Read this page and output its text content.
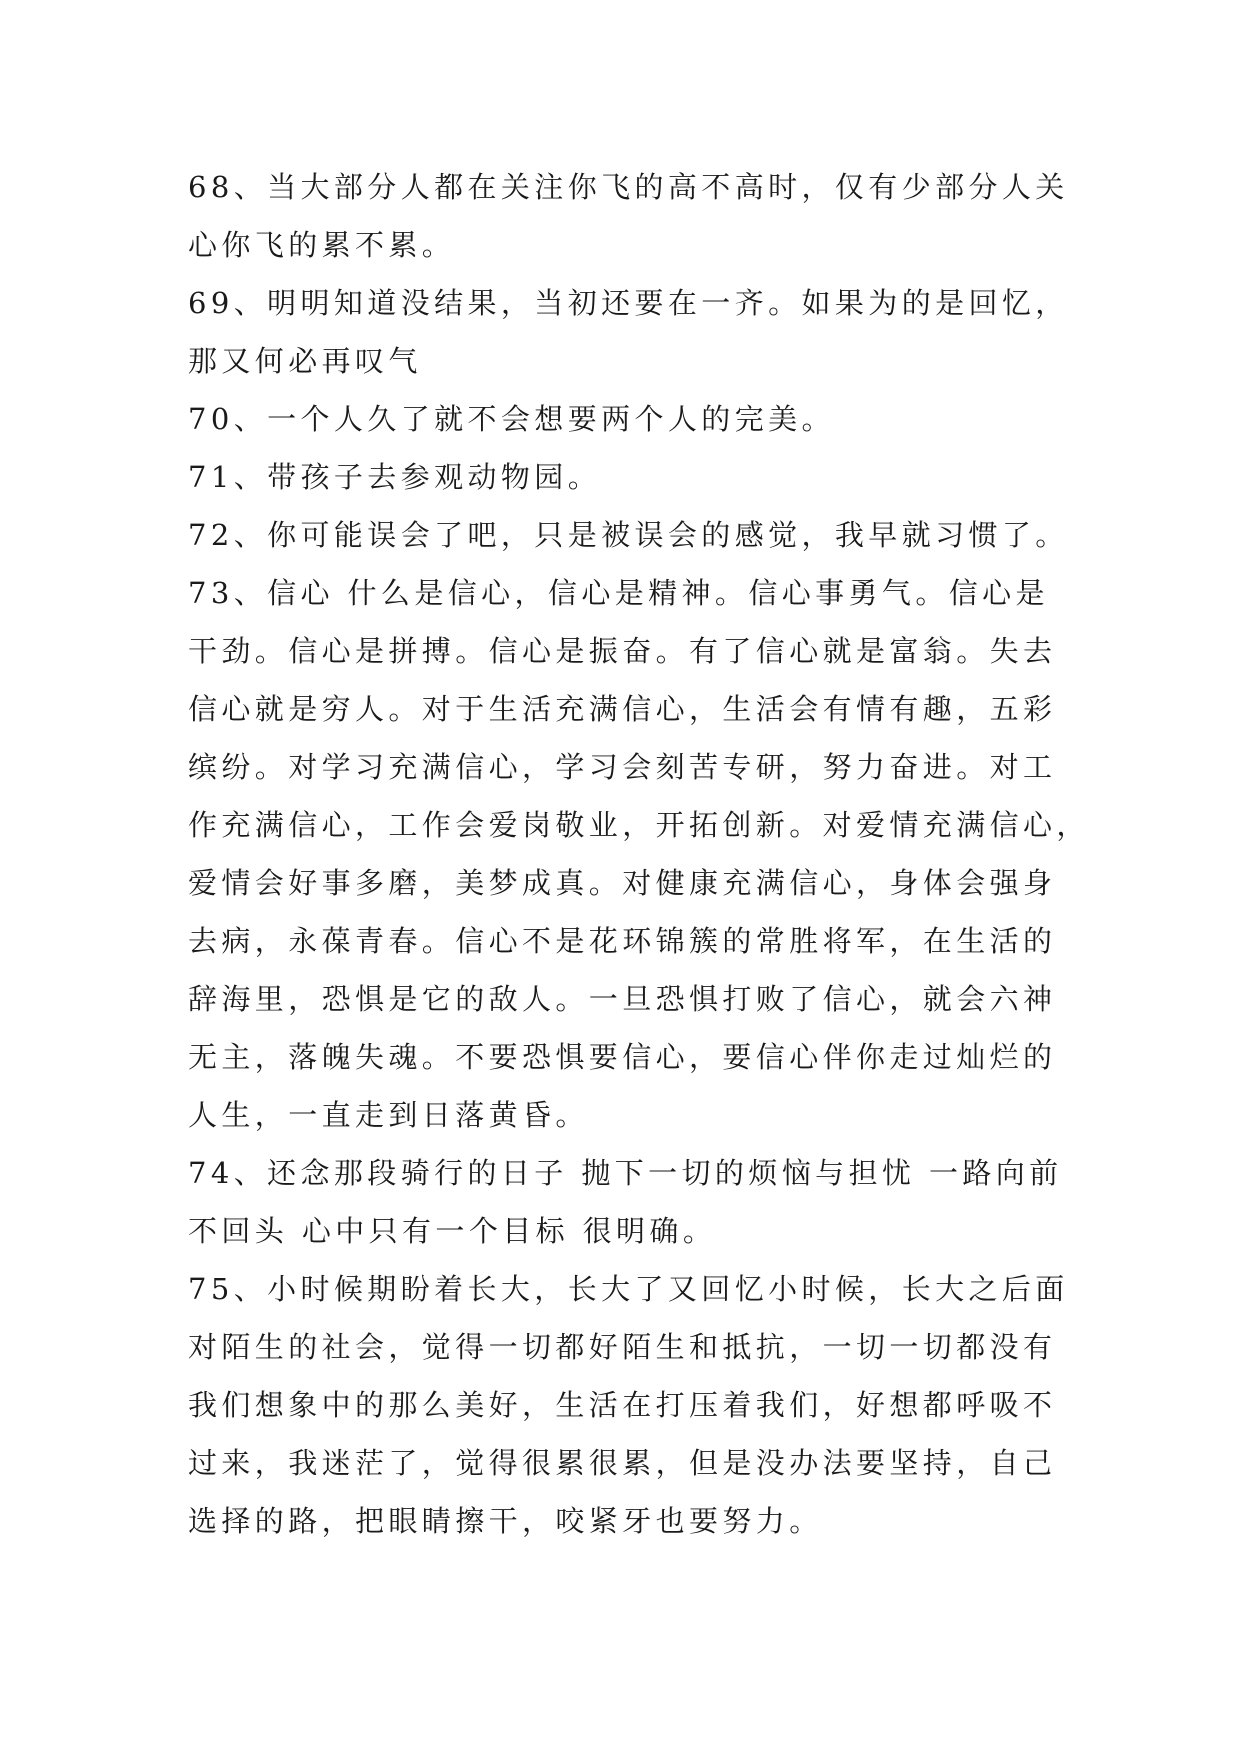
68、当大部分人都在关注你飞的高不高时，仅有少部分人关
心你飞的累不累。
69、明明知道没结果，当初还要在一齐。如果为的是回忆，
那又何必再叹气
70、一个人久了就不会想要两个人的完美。
71、带孩子去参观动物园。
72、你可能误会了吧，只是被误会的感觉，我早就习惯了。
73、信心 什么是信心，信心是精神。信心事勇气。信心是
干劲。信心是拼搏。信心是振奋。有了信心就是富翁。失去
信心就是穷人。对于生活充满信心，生活会有情有趣，五彩
缤纷。对学习充满信心，学习会刻苦专研，努力奋进。对工
作充满信心，工作会爱岗敬业，开拓创新。对爱情充满信心，
爱情会好事多磨，美梦成真。对健康充满信心，身体会强身
去病，永葆青春。信心不是花环锦簇的常胜将军，在生活的
辞海里，恐惧是它的敌人。一旦恐惧打败了信心，就会六神
无主，落魄失魂。不要恐惧要信心，要信心伴你走过灿烂的
人生，一直走到日落黄昏。
74、还念那段骑行的日子 抛下一切的烦恼与担忧 一路向前
不回头 心中只有一个目标 很明确。
75、小时候期盼着长大，长大了又回忆小时候，长大之后面
对陌生的社会，觉得一切都好陌生和抵抗，一切一切都没有
我们想象中的那么美好，生活在打压着我们，好想都呼吸不
过来，我迷茫了，觉得很累很累，但是没办法要坚持，自己
选择的路，把眼睛擦干，咬紧牙也要努力。
